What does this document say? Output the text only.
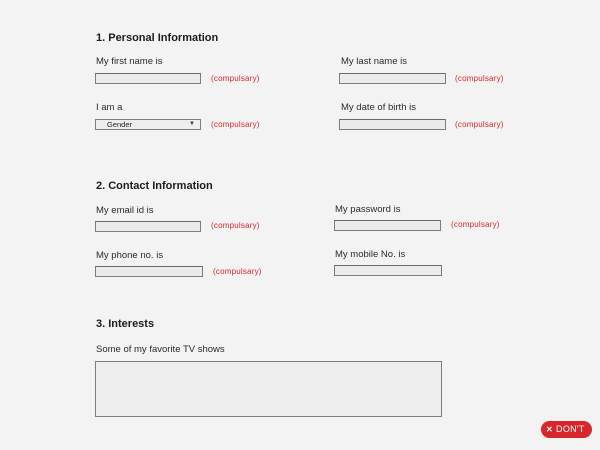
1. Personal Information
My first name is
(compulsary)
My last name is
(compulsary)
I am a
Gender	▼ (compulsary)
My date of birth is
(compulsary)
2. Contact Information
My email id is
(compulsary)
My password is
(compulsary)
My phone no. is
(compulsary)
My mobile No. is
3. Interests
Some of my favorite TV shows
✕ DON'T
